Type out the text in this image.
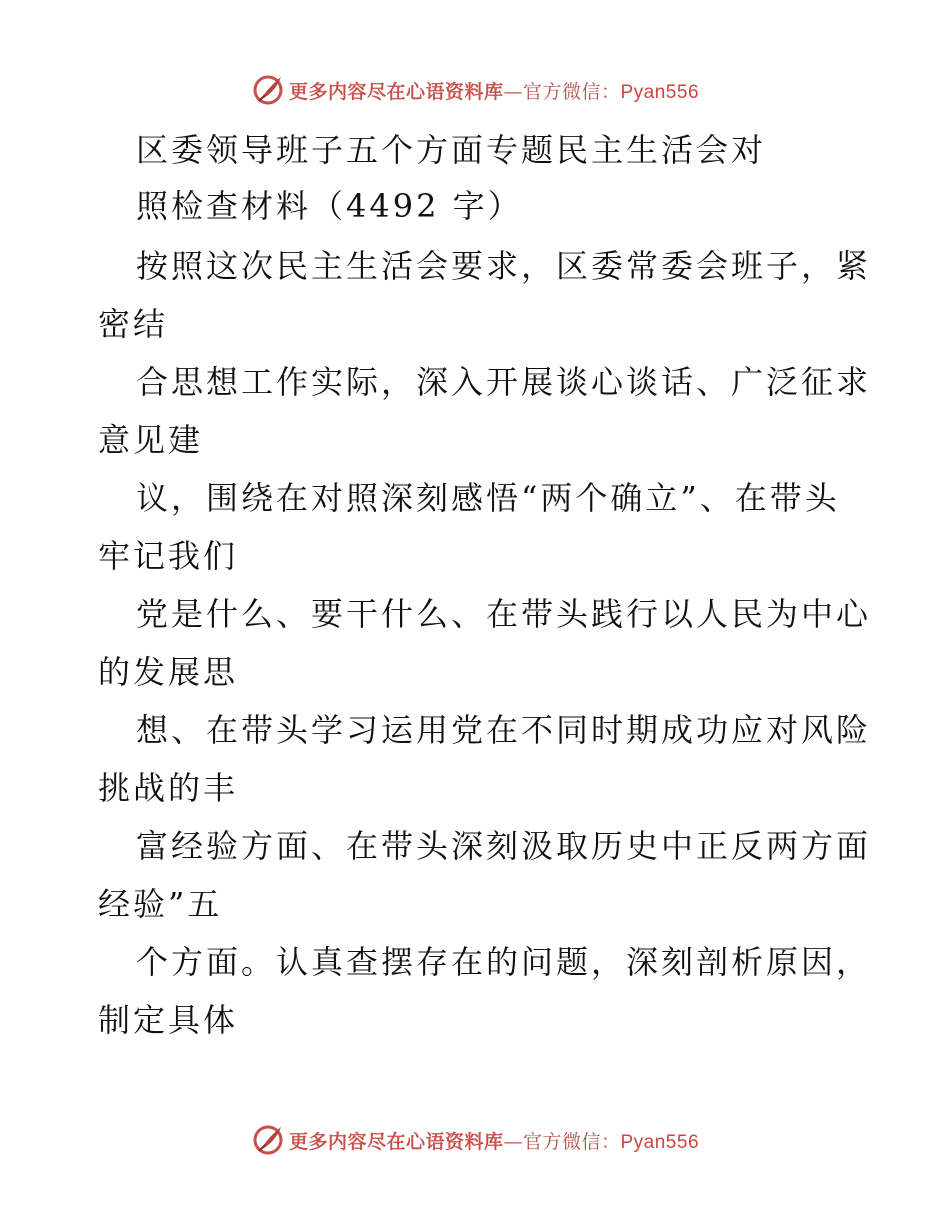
更多内容尽在心语资料库—官方微信：Pyan556
区委领导班子五个方面专题民主生活会对
照检查材料（4492 字）
按照这次民主生活会要求，区委常委会班子，紧
密结
合思想工作实际，深入开展谈心谈话、广泛征求
意见建
议，围绕在对照深刻感悟“两个确立”、在带头
牢记我们
党是什么、要干什么、在带头践行以人民为中心
的发展思
想、在带头学习运用党在不同时期成功应对风险
挑战的丰
富经验方面、在带头深刻汲取历史中正反两方面
经验”五
个方面。认真查摆存在的问题，深刻剖析原因，
制定具体
更多内容尽在心语资料库—官方微信：Pyan556
